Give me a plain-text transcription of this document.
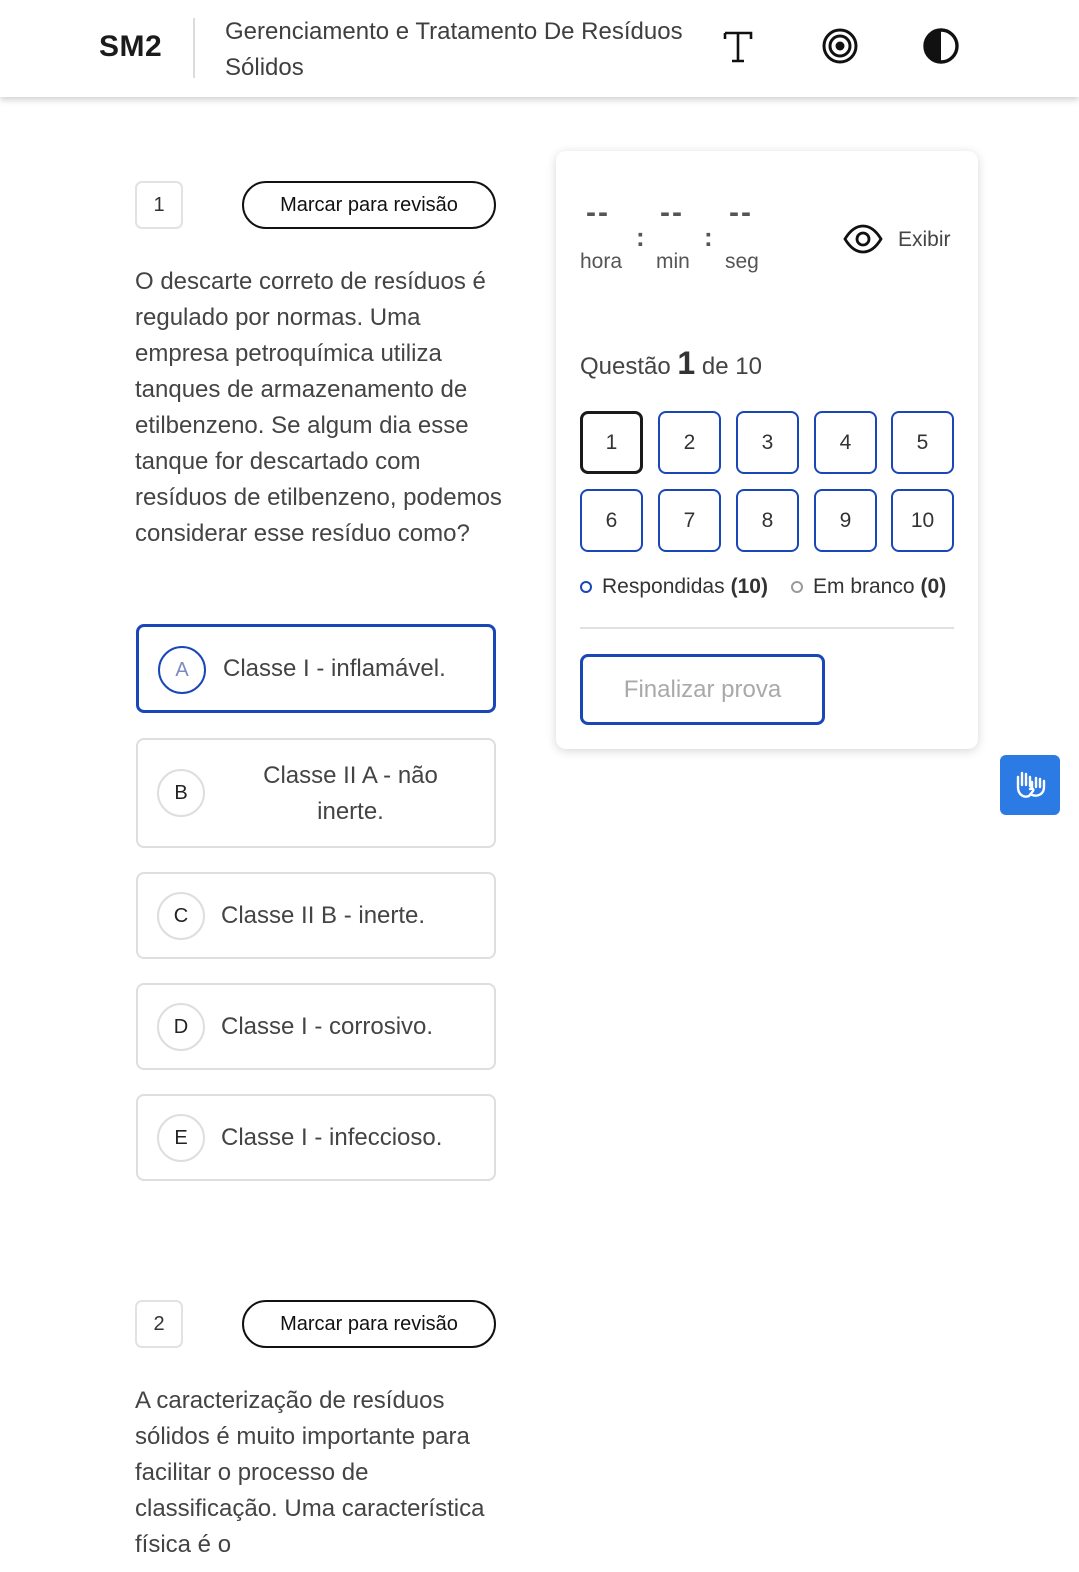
SM2	Gerenciamento e Tratamento De Resíduos Sólidos
1	Marcar para revisão
O descarte correto de resíduos é regulado por normas. Uma empresa petroquímica utiliza tanques de armazenamento de etilbenzeno. Se algum dia esse tanque for descartado com resíduos de etilbenzeno, podemos considerar esse resíduo como?
A	Classe I - inflamável.
B
Classe II A - não inerte.
C	Classe II B - inerte.
D	Classe I - corrosivo.
E	Classe I - infeccioso.
2	Marcar para revisão
A caracterização de resíduos sólidos é muito importante para facilitar o processo de classificação. Uma característica física é o
--
:
--
:
--
hora min seg
Exibir
Questão 1 de 10
1	2	3	4	5
6	7	8	9	10
Respondidas (10) Em branco (0)
Finalizar prova
